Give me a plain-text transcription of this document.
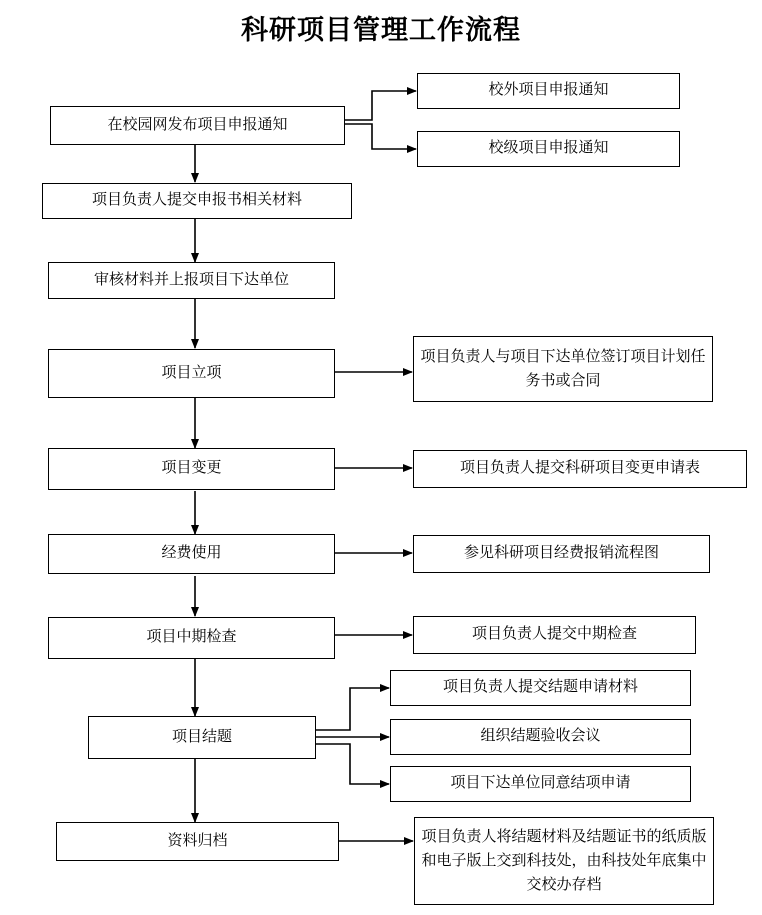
科研项目管理工作流程
在校园网发布项目申报通知
校外项目申报通知
校级项目申报通知
项目负责人提交申报书相关材料
审核材料并上报项目下达单位
项目立项
项目负责人与项目下达单位签订项目计划任务书或合同
项目变更	项目负责人提交科研项目变更申请表
经费使用	参见科研项目经费报销流程图
项目中期检查	项目负责人提交中期检查
项目结题
项目负责人提交结题申请材料
组织结题验收会议
项目下达单位同意结项申请
资料归档	项目负责人将结题材料及结题证书的纸质版和电子版上交到科技处，由科技处年底集中交校办存档
